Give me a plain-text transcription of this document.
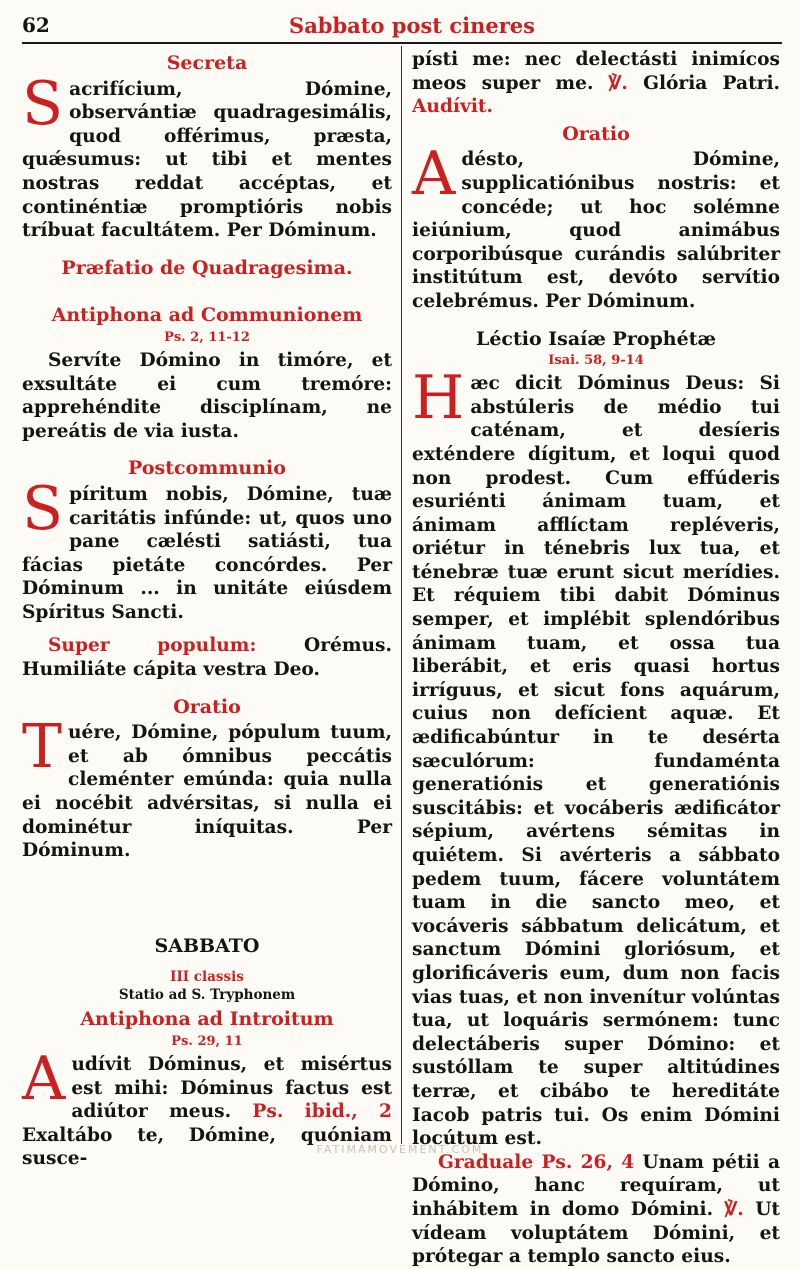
62	Sabbato post cineres
Secreta

Sacrifícium, Dómine, observántiæ quadragesimális, quod offérimus, præsta, quǽsumus: ut tibi et mentes nostras reddat accéptas, et continéntiæ promptióris nobis tríbuat facultátem. Per Dóminum.

Præfatio de Quadragesima.
Antiphona ad Communionem
Ps. 2, 11-12

Servíte Dómino in timóre, et exsultáte ei cum tremóre: apprehéndite disciplínam, ne pereátis de via iusta.

Postcommunio

Spíritum nobis, Dómine, tuæ caritátis infúnde: ut, quos uno pane cælésti satiásti, tua fácias pietáte concórdes. Per Dóminum ... in unitáte eiúsdem Spíritus Sancti.

Super populum: Orémus. Humiliáte cápita vestra Deo.

Oratio

Tuére, Dómine, pópulum tuum, et ab ómnibus peccátis cleménter emúnda: quia nulla ei nocébit advérsitas, si nulla ei dominétur iníquitas. Per Dóminum.

SABBATO
III classis
Statio ad S. Tryphonem
Antiphona ad Introitum
Ps. 29, 11

Audívit Dóminus, et misértus est mihi: Dóminus factus est adiútor meus. Ps. ibid., 2 Exaltábo te, Dómine, quóniam susce-

písti me: nec delectásti inimícos meos super me. ℣. Glória Patri. Audívit.

Oratio

Adésto, Dómine, supplicatiónibus nostris: et concéde; ut hoc solémne ieiúnium, quod animábus corporibúsque curándis salúbriter institútum est, devóto servítio celebrémus. Per Dóminum.

Léctio Isaíæ Prophétæ
Isai. 58, 9-14

Hæc dicit Dóminus Deus: Si abstúleris de médio tui caténam, et desíeris exténdere dígitum, et loqui quod non prodest. Cum effúderis esuriénti ánimam tuam, et ánimam afflíctam repléveris, oriétur in ténebris lux tua, et ténebræ tuæ erunt sicut merídies. Et réquiem tibi dabit Dóminus semper, et implébit splendóribus ánimam tuam, et ossa tua liberábit, et eris quasi hortus irríguus, et sicut fons aquárum, cuius non defícient aquæ. Et ædificabúntur in te desérta sæculórum: fundaménta generatiónis et generatiónis suscitábis: et vocáberis ædificátor sépium, avértens sémitas in quiétem. Si avérteris a sábbato pedem tuum, fácere voluntátem tuam in die sancto meo, et vocáveris sábbatum delicátum, et sanctum Dómini gloriósum, et glorificáveris eum, dum non facis vias tuas, et non invenítur volúntas tua, ut loquáris sermónem: tunc delectáberis super Dómino: et sustóllam te super altitúdines terræ, et cibábo te hereditáte Iacob patris tui. Os enim Dómini locútum est.

Graduale Ps. 26, 4 Unam pétii a Dómino, hanc requíram, ut inhábitem in domo Dómini. ℣. Ut vídeam voluptátem Dómini, et prótegar a templo sancto eius.

FATIMAMOVEMENT.COM
